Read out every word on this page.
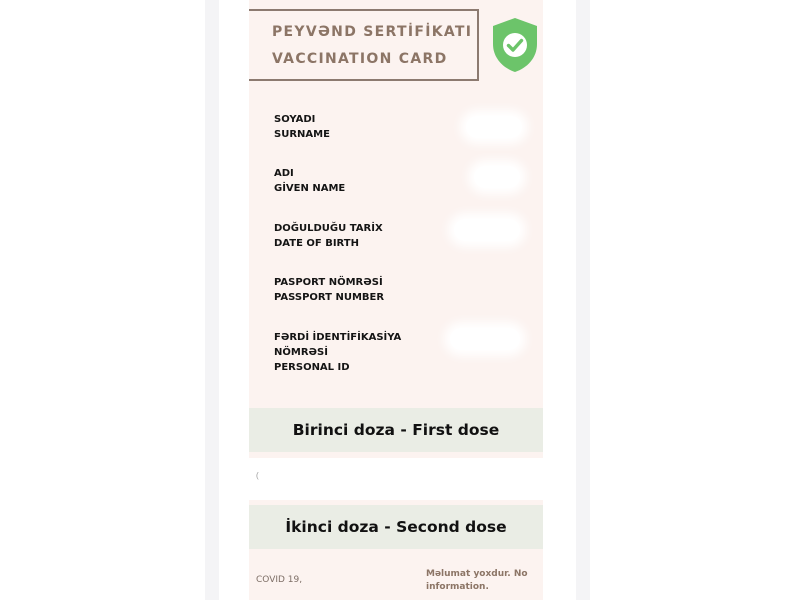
PEYVƏND SERTİFİKATI
VACCINATION CARD
SOYADI
SURNAME
ADI
GİVEN NAME
DOĞULDUĞU TARİX
DATE OF BIRTH
PASPORT NÖMRƏSİ
PASSPORT NUMBER
FƏRDİ İDENTİFİKASİYA
NÖMRƏSİ
PERSONAL ID
Birinci doza - First dose
(
İkinci doza - Second dose
COVID 19,
Məlumat yoxdur. No information.
